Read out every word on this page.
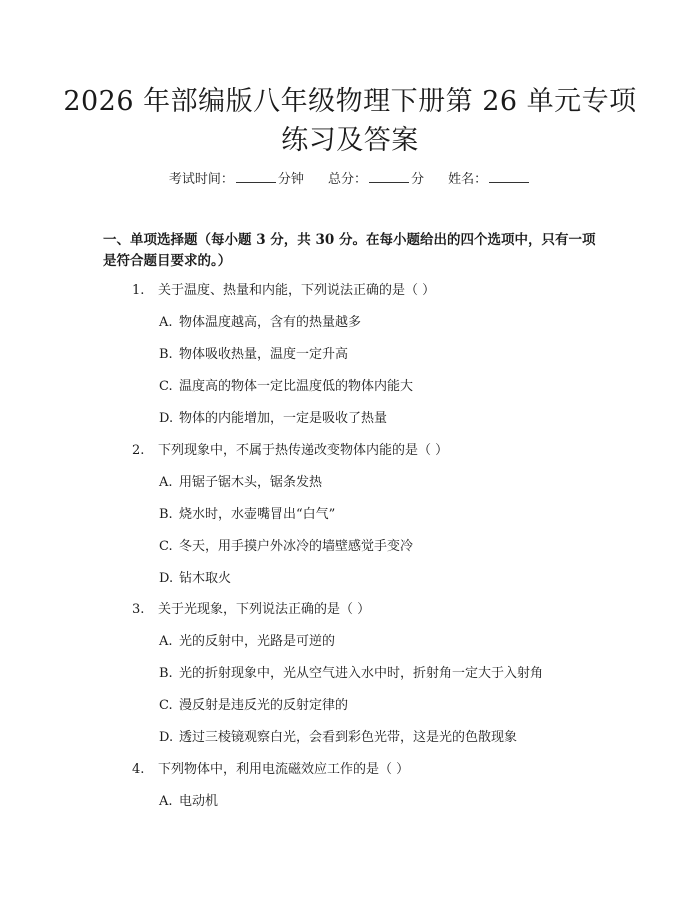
2026 年部编版八年级物理下册第 26 单元专项练习及答案
考试时间：	分钟 总分：	分 姓名：
一、单项选择题（每小题 3 分，共 30 分。在每小题给出的四个选项中，只有一项是符合题目要求的。）
1. 关于温度、热量和内能，下列说法正确的是（ ）
A. 物体温度越高，含有的热量越多
B. 物体吸收热量，温度一定升高
C. 温度高的物体一定比温度低的物体内能大
D. 物体的内能增加，一定是吸收了热量
2. 下列现象中，不属于热传递改变物体内能的是（ ）
A. 用锯子锯木头，锯条发热
B. 烧水时，水壶嘴冒出“白气”
C. 冬天，用手摸户外冰冷的墙壁感觉手变冷
D. 钻木取火
3. 关于光现象，下列说法正确的是（ ）
A. 光的反射中，光路是可逆的
B. 光的折射现象中，光从空气进入水中时，折射角一定大于入射角
C. 漫反射是违反光的反射定律的
D. 透过三棱镜观察白光，会看到彩色光带，这是光的色散现象
4. 下列物体中，利用电流磁效应工作的是（ ）
A. 电动机
